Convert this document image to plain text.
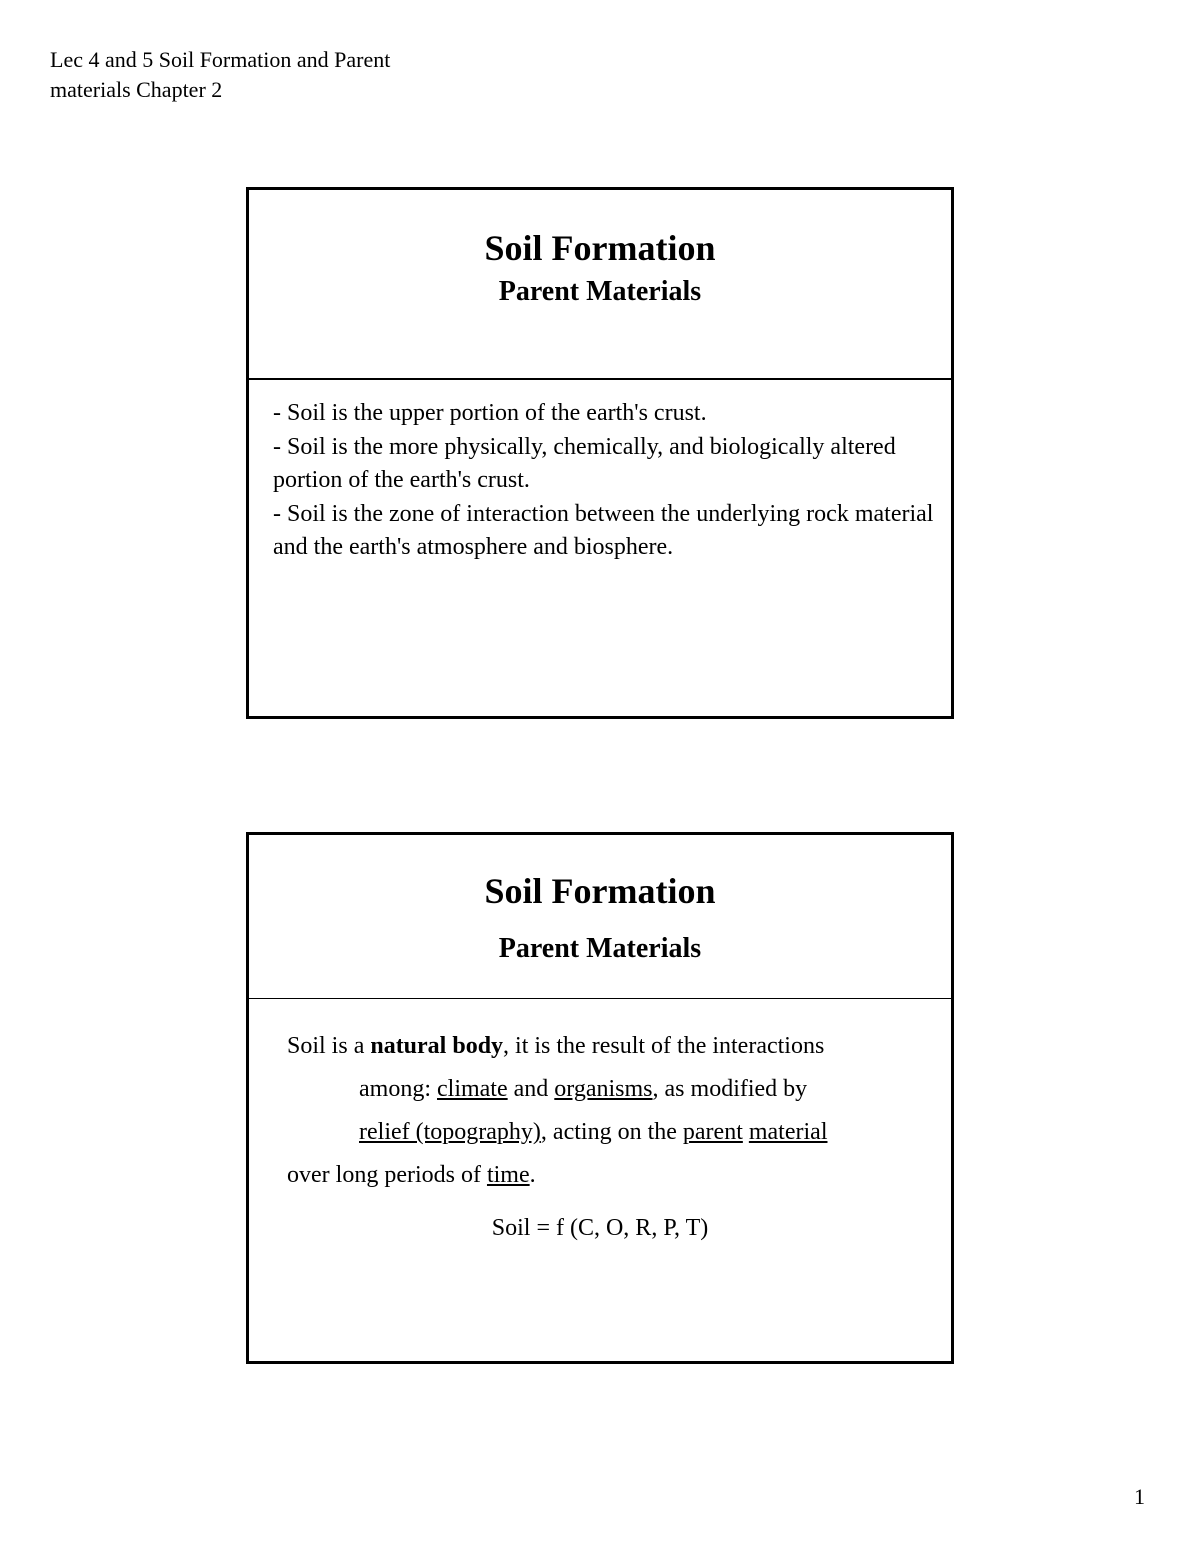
Lec 4 and 5 Soil Formation and Parent
materials Chapter 2
Soil Formation
Parent Materials

- Soil is the upper portion of the earth's crust.

- Soil is the more physically, chemically, and biologically altered portion of the earth's crust.

- Soil is the zone of interaction between the underlying rock material and the earth's atmosphere and biosphere.

Soil Formation
Parent Materials
Soil is a natural body, it is the result of the interactions
among: climate and organisms, as modified by
relief (topography), acting on the parent material
over long periods of time.
Soil = f (C, O, R, P, T)
1
